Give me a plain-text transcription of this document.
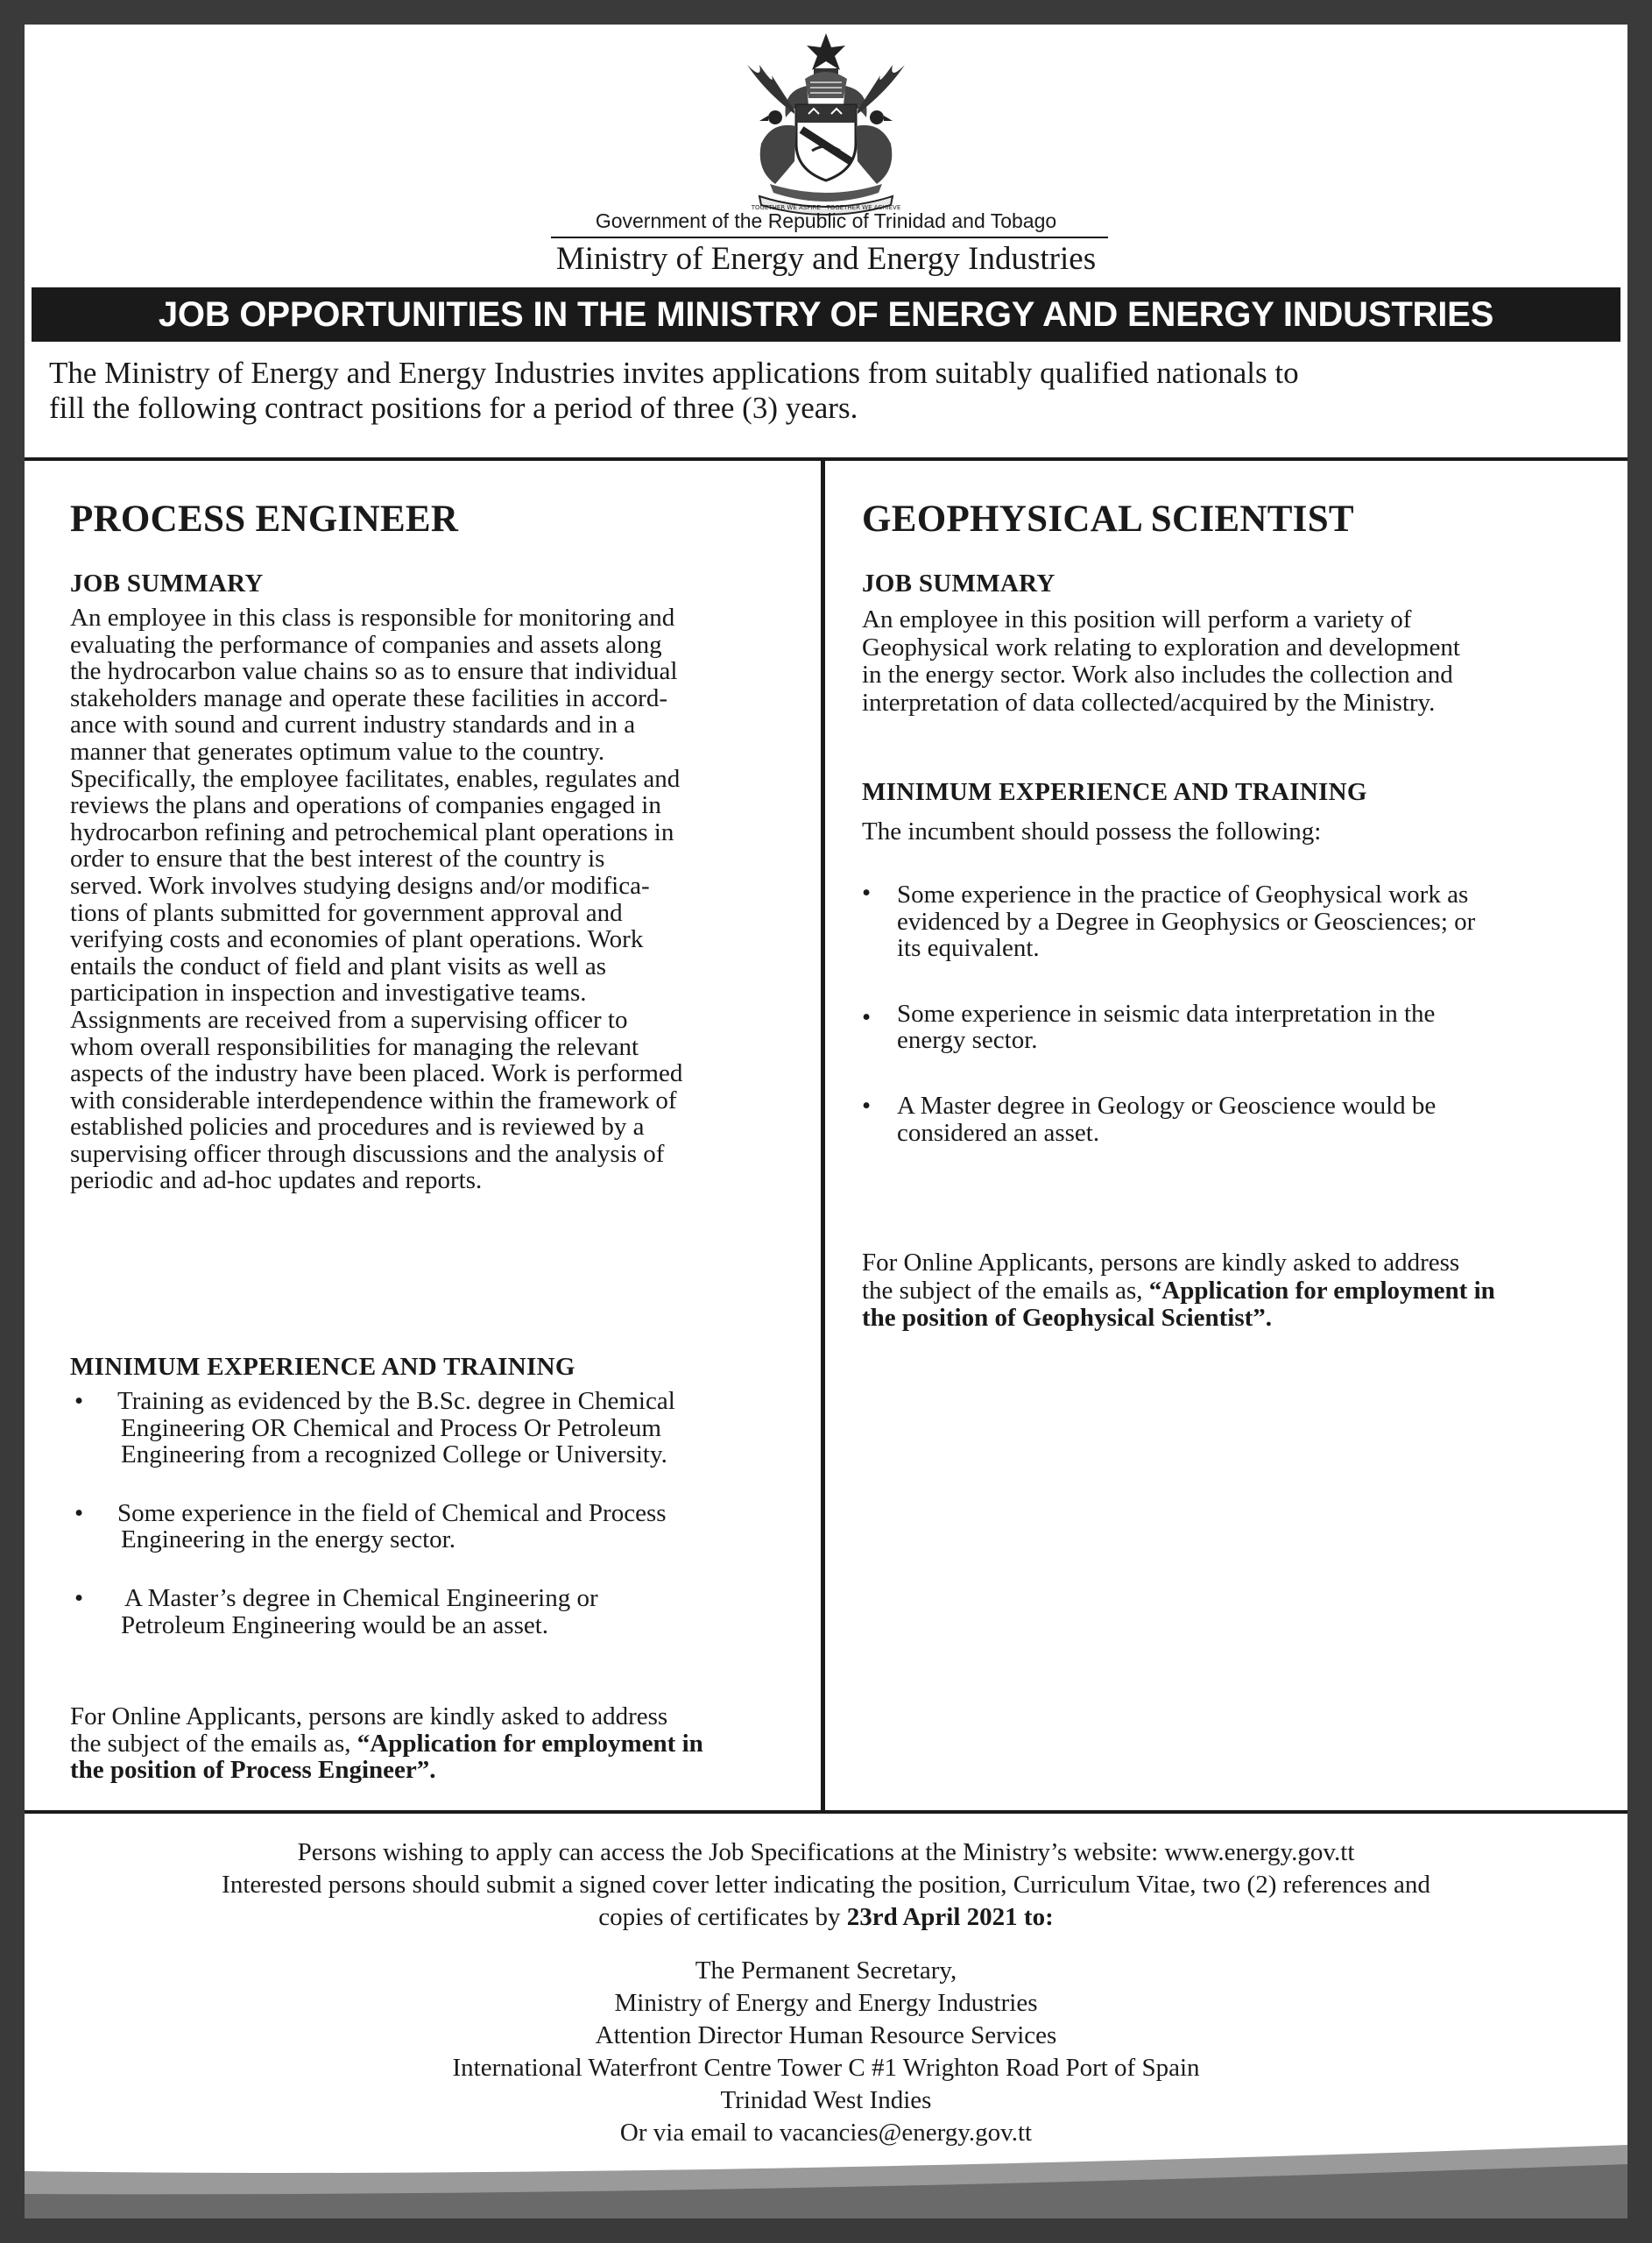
TOGETHER WE ASPIRE · TOGETHER WE ACHIEVE
Government of the Republic of Trinidad and Tobago
Ministry of Energy and Energy Industries
JOB OPPORTUNITIES IN THE MINISTRY OF ENERGY AND ENERGY INDUSTRIES
The Ministry of Energy and Energy Industries invites applications from suitably qualified nationals to
fill the following contract positions for a period of three (3) years.
PROCESS ENGINEER
JOB SUMMARY
An employee in this class is responsible for monitoring and
evaluating the performance of companies and assets along
the hydrocarbon value chains so as to ensure that individual
stakeholders manage and operate these facilities in accord-
ance with sound and current industry standards and in a
manner that generates optimum value to the country.
Specifically, the employee facilitates, enables, regulates and
reviews the plans and operations of companies engaged in
hydrocarbon refining and petrochemical plant operations in
order to ensure that the best interest of the country is
served. Work involves studying designs and/or modifica-
tions of plants submitted for government approval and
verifying costs and economies of plant operations. Work
entails the conduct of field and plant visits as well as
participation in inspection and investigative teams.
Assignments are received from a supervising officer to
whom overall responsibilities for managing the relevant
aspects of the industry have been placed. Work is performed
with considerable interdependence within the framework of
established policies and procedures and is reviewed by a
supervising officer through discussions and the analysis of
periodic and ad-hoc updates and reports.
MINIMUM EXPERIENCE AND TRAINING
• Training as evidenced by the B.Sc. degree in Chemical
Engineering OR Chemical and Process Or Petroleum
Engineering from a recognized College or University.
• Some experience in the field of Chemical and Process
Engineering in the energy sector.
• A Master’s degree in Chemical Engineering or
Petroleum Engineering would be an asset.
For Online Applicants, persons are kindly asked to address
the subject of the emails as, “Application for employment in
the position of Process Engineer”.
GEOPHYSICAL SCIENTIST
JOB SUMMARY
An employee in this position will perform a variety of
Geophysical work relating to exploration and development
in the energy sector. Work also includes the collection and
interpretation of data collected/acquired by the Ministry.
MINIMUM EXPERIENCE AND TRAINING
The incumbent should possess the following:
• Some experience in the practice of Geophysical work as
evidenced by a Degree in Geophysics or Geosciences; or
its equivalent.
• Some experience in seismic data interpretation in the
energy sector.
• A Master degree in Geology or Geoscience would be
considered an asset.
For Online Applicants, persons are kindly asked to address
the subject of the emails as, “Application for employment in
the position of Geophysical Scientist”.
Persons wishing to apply can access the Job Specifications at the Ministry’s website: www.energy.gov.tt
Interested persons should submit a signed cover letter indicating the position, Curriculum Vitae, two (2) references and
copies of certificates by 23rd April 2021 to:
The Permanent Secretary,
Ministry of Energy and Energy Industries
Attention Director Human Resource Services
International Waterfront Centre Tower C #1 Wrighton Road Port of Spain
Trinidad West Indies
Or via email to vacancies@energy.gov.tt
